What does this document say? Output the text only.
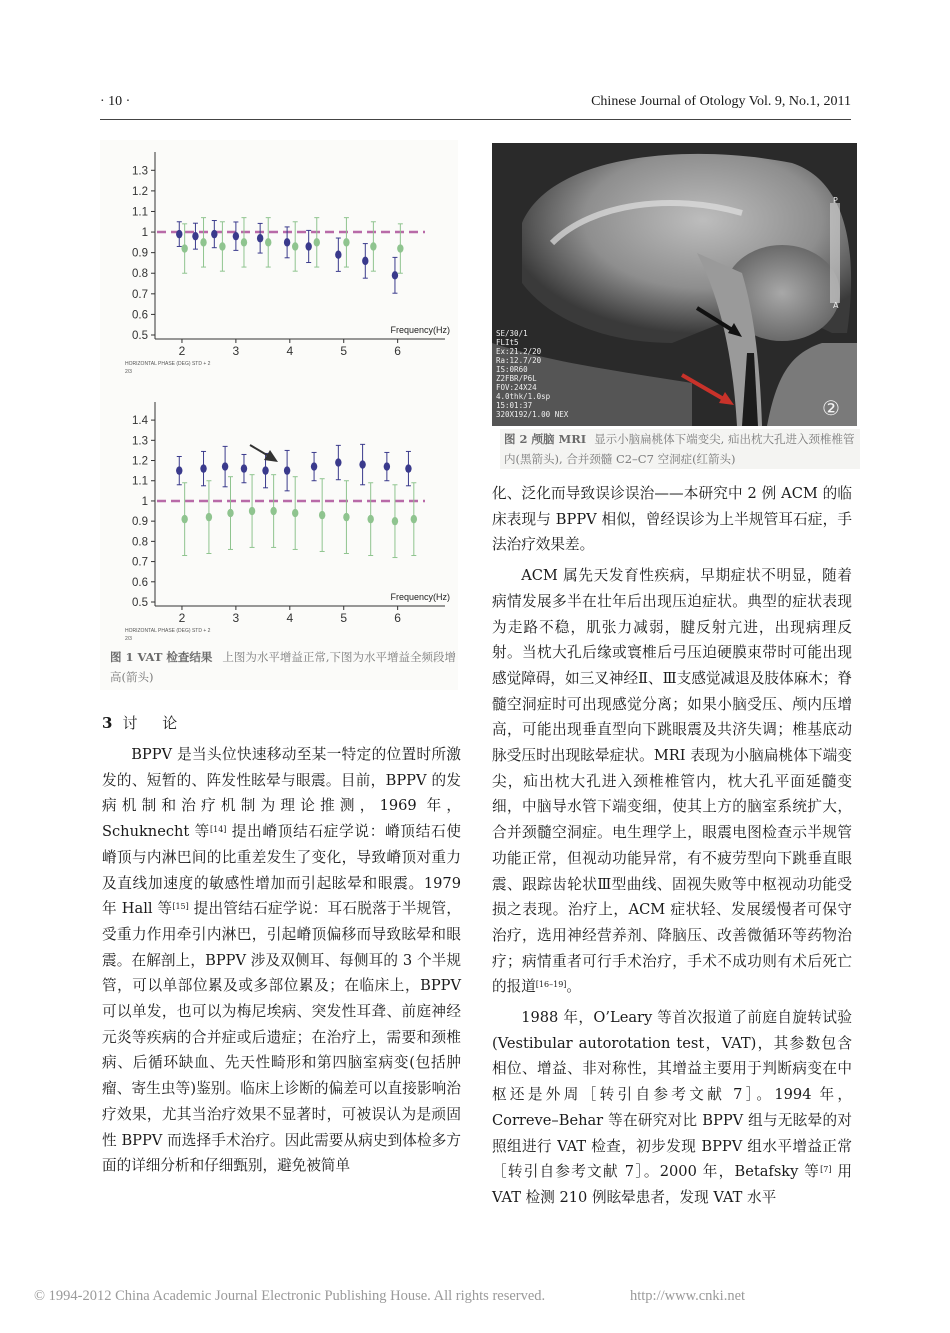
· 10 ·	Chinese Journal of Otology Vol. 9, No.1, 2011
1.3
1.2
1.1
1
0.9
0.8
0.7
0.6
0.5
2	3	4	5	6
Frequency(Hz)
HORIZONTAL PHASE (DEG) STD + 2
2/3
1.4
1.3
1.2
1.1
1
0.9
0.8
0.7
0.6
0.5
2	3	4	5	6
Frequency(Hz)
HORIZONTAL PHASE (DEG) STD + 2
2/3
图 1 VAT 检查结果 上图为水平增益正常,下图为水平增益全频段增高(箭头)
SE/30/1
FLIt5
Ex:21.2/20
Ra:12.7/20
IS:0R60
Z2FBR/P6L
FOV:24X24
4.0thk/1.0sp
15:01:37
320X192/1.00 NEX
P
A
②
图 2 颅脑 MRI 显示小脑扁桃体下端变尖, 疝出枕大孔进入颈椎椎管内(黑箭头), 合并颈髓 C2–C7 空洞症(红箭头)
3 讨 论

BPPV 是当头位快速移动至某一特定的位置时所激发的、短暂的、阵发性眩晕与眼震。目前，BPPV 的发病机制和治疗机制为理论推测，1969 年，Schuknecht 等[14] 提出嵴顶结石症学说：嵴顶结石使嵴顶与内淋巴间的比重差发生了变化，导致嵴顶对重力及直线加速度的敏感性增加而引起眩晕和眼震。1979 年 Hall 等[15] 提出管结石症学说：耳石脱落于半规管，受重力作用牵引内淋巴，引起嵴顶偏移而导致眩晕和眼震。在解剖上，BPPV 涉及双侧耳、每侧耳的 3 个半规管，可以单部位累及或多部位累及；在临床上，BPPV 可以单发，也可以为梅尼埃病、突发性耳聋、前庭神经元炎等疾病的合并症或后遗症；在治疗上，需要和颈椎病、后循环缺血、先天性畸形和第四脑室病变(包括肿瘤、寄生虫等)鉴别。临床上诊断的偏差可以直接影响治疗效果，尤其当治疗效果不显著时，可被误认为是顽固性 BPPV 而选择手术治疗。因此需要从病史到体检多方面的详细分析和仔细甄别，避免被简单

化、泛化而导致误诊误治——本研究中 2 例 ACM 的临床表现与 BPPV 相似，曾经误诊为上半规管耳石症，手法治疗效果差。

ACM 属先天发育性疾病，早期症状不明显，随着病情发展多半在壮年后出现压迫症状。典型的症状表现为走路不稳，肌张力减弱，腱反射亢进，出现病理反射。当枕大孔后缘或寰椎后弓压迫硬膜束带时可能出现感觉障碍，如三叉神经Ⅱ、Ⅲ支感觉减退及肢体麻木；脊髓空洞症时可出现感觉分离；如果小脑受压、颅内压增高，可能出现垂直型向下跳眼震及共济失调；椎基底动脉受压时出现眩晕症状。MRI 表现为小脑扁桃体下端变尖，疝出枕大孔进入颈椎椎管内，枕大孔平面延髓变细，中脑导水管下端变细，使其上方的脑室系统扩大，合并颈髓空洞症。电生理学上，眼震电图检查示半规管功能正常，但视动功能异常，有不疲劳型向下跳垂直眼震、跟踪齿轮状Ⅲ型曲线、固视失败等中枢视动功能受损之表现。治疗上，ACM 症状轻、发展缓慢者可保守治疗，选用神经营养剂、降脑压、改善微循环等药物治疗；病情重者可行手术治疗，手术不成功则有术后死亡的报道[16–19]。

1988 年，O’Leary 等首次报道了前庭自旋转试验(Vestibular autorotation test，VAT)，其参数包含相位、增益、非对称性，其增益主要用于判断病变在中枢还是外周［转引自参考文献 7］。1994 年，Correve–Behar 等在研究对比 BPPV 组与无眩晕的对照组进行 VAT 检查，初步发现 BPPV 组水平增益正常［转引自参考文献 7］。2000 年，Betafsky 等[7] 用 VAT 检测 210 例眩晕患者，发现 VAT 水平

© 1994-2012 China Academic Journal Electronic Publishing House. All rights reserved.	http://www.cnki.net
